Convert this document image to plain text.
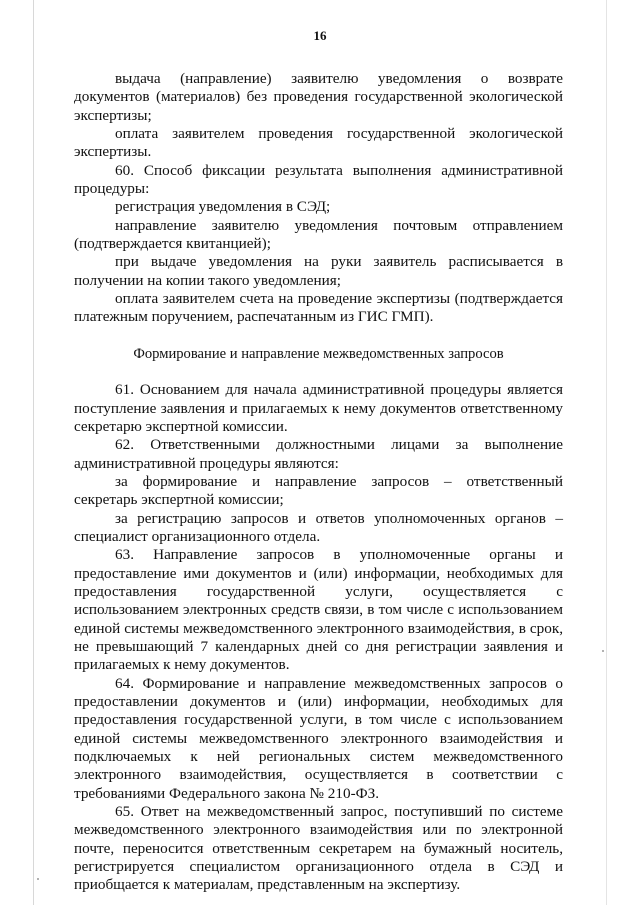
16

выдача (направление) заявителю уведомления о возврате документов (материалов) без проведения государственной экологической экспертизы;

оплата заявителем проведения государственной экологической экспертизы.

60. Способ фиксации результата выполнения административной процедуры:

регистрация уведомления в СЭД;

направление заявителю уведомления почтовым отправлением (подтверждается квитанцией);

при выдаче уведомления на руки заявитель расписывается в получении на копии такого уведомления;

оплата заявителем счета на проведение экспертизы (подтверждается платежным поручением, распечатанным из ГИС ГМП).

Формирование и направление межведомственных запросов

61. Основанием для начала административной процедуры является поступление заявления и прилагаемых к нему документов ответственному секретарю экспертной комиссии.

62. Ответственными должностными лицами за выполнение административной процедуры являются:

за формирование и направление запросов – ответственный секретарь экспертной комиссии;

за регистрацию запросов и ответов уполномоченных органов – специалист организационного отдела.

63. Направление запросов в уполномоченные органы и предоставление ими документов и (или) информации, необходимых для предоставления государственной услуги, осуществляется с использованием электронных средств связи, в том числе с использованием единой системы межведомственного электронного взаимодействия, в срок, не превышающий 7 календарных дней со дня регистрации заявления и прилагаемых к нему документов.

64. Формирование и направление межведомственных запросов о предоставлении документов и (или) информации, необходимых для предоставления государственной услуги, в том числе с использованием единой системы межведомственного электронного взаимодействия и подключаемых к ней региональных систем межведомственного электронного взаимодействия, осуществляется в соответствии с требованиями Федерального закона № 210-ФЗ.

65. Ответ на межведомственный запрос, поступивший по системе межведомственного электронного взаимодействия или по электронной почте, переносится ответственным секретарем на бумажный носитель, регистрируется специалистом организационного отдела в СЭД и приобщается к материалам, представленным на экспертизу.
